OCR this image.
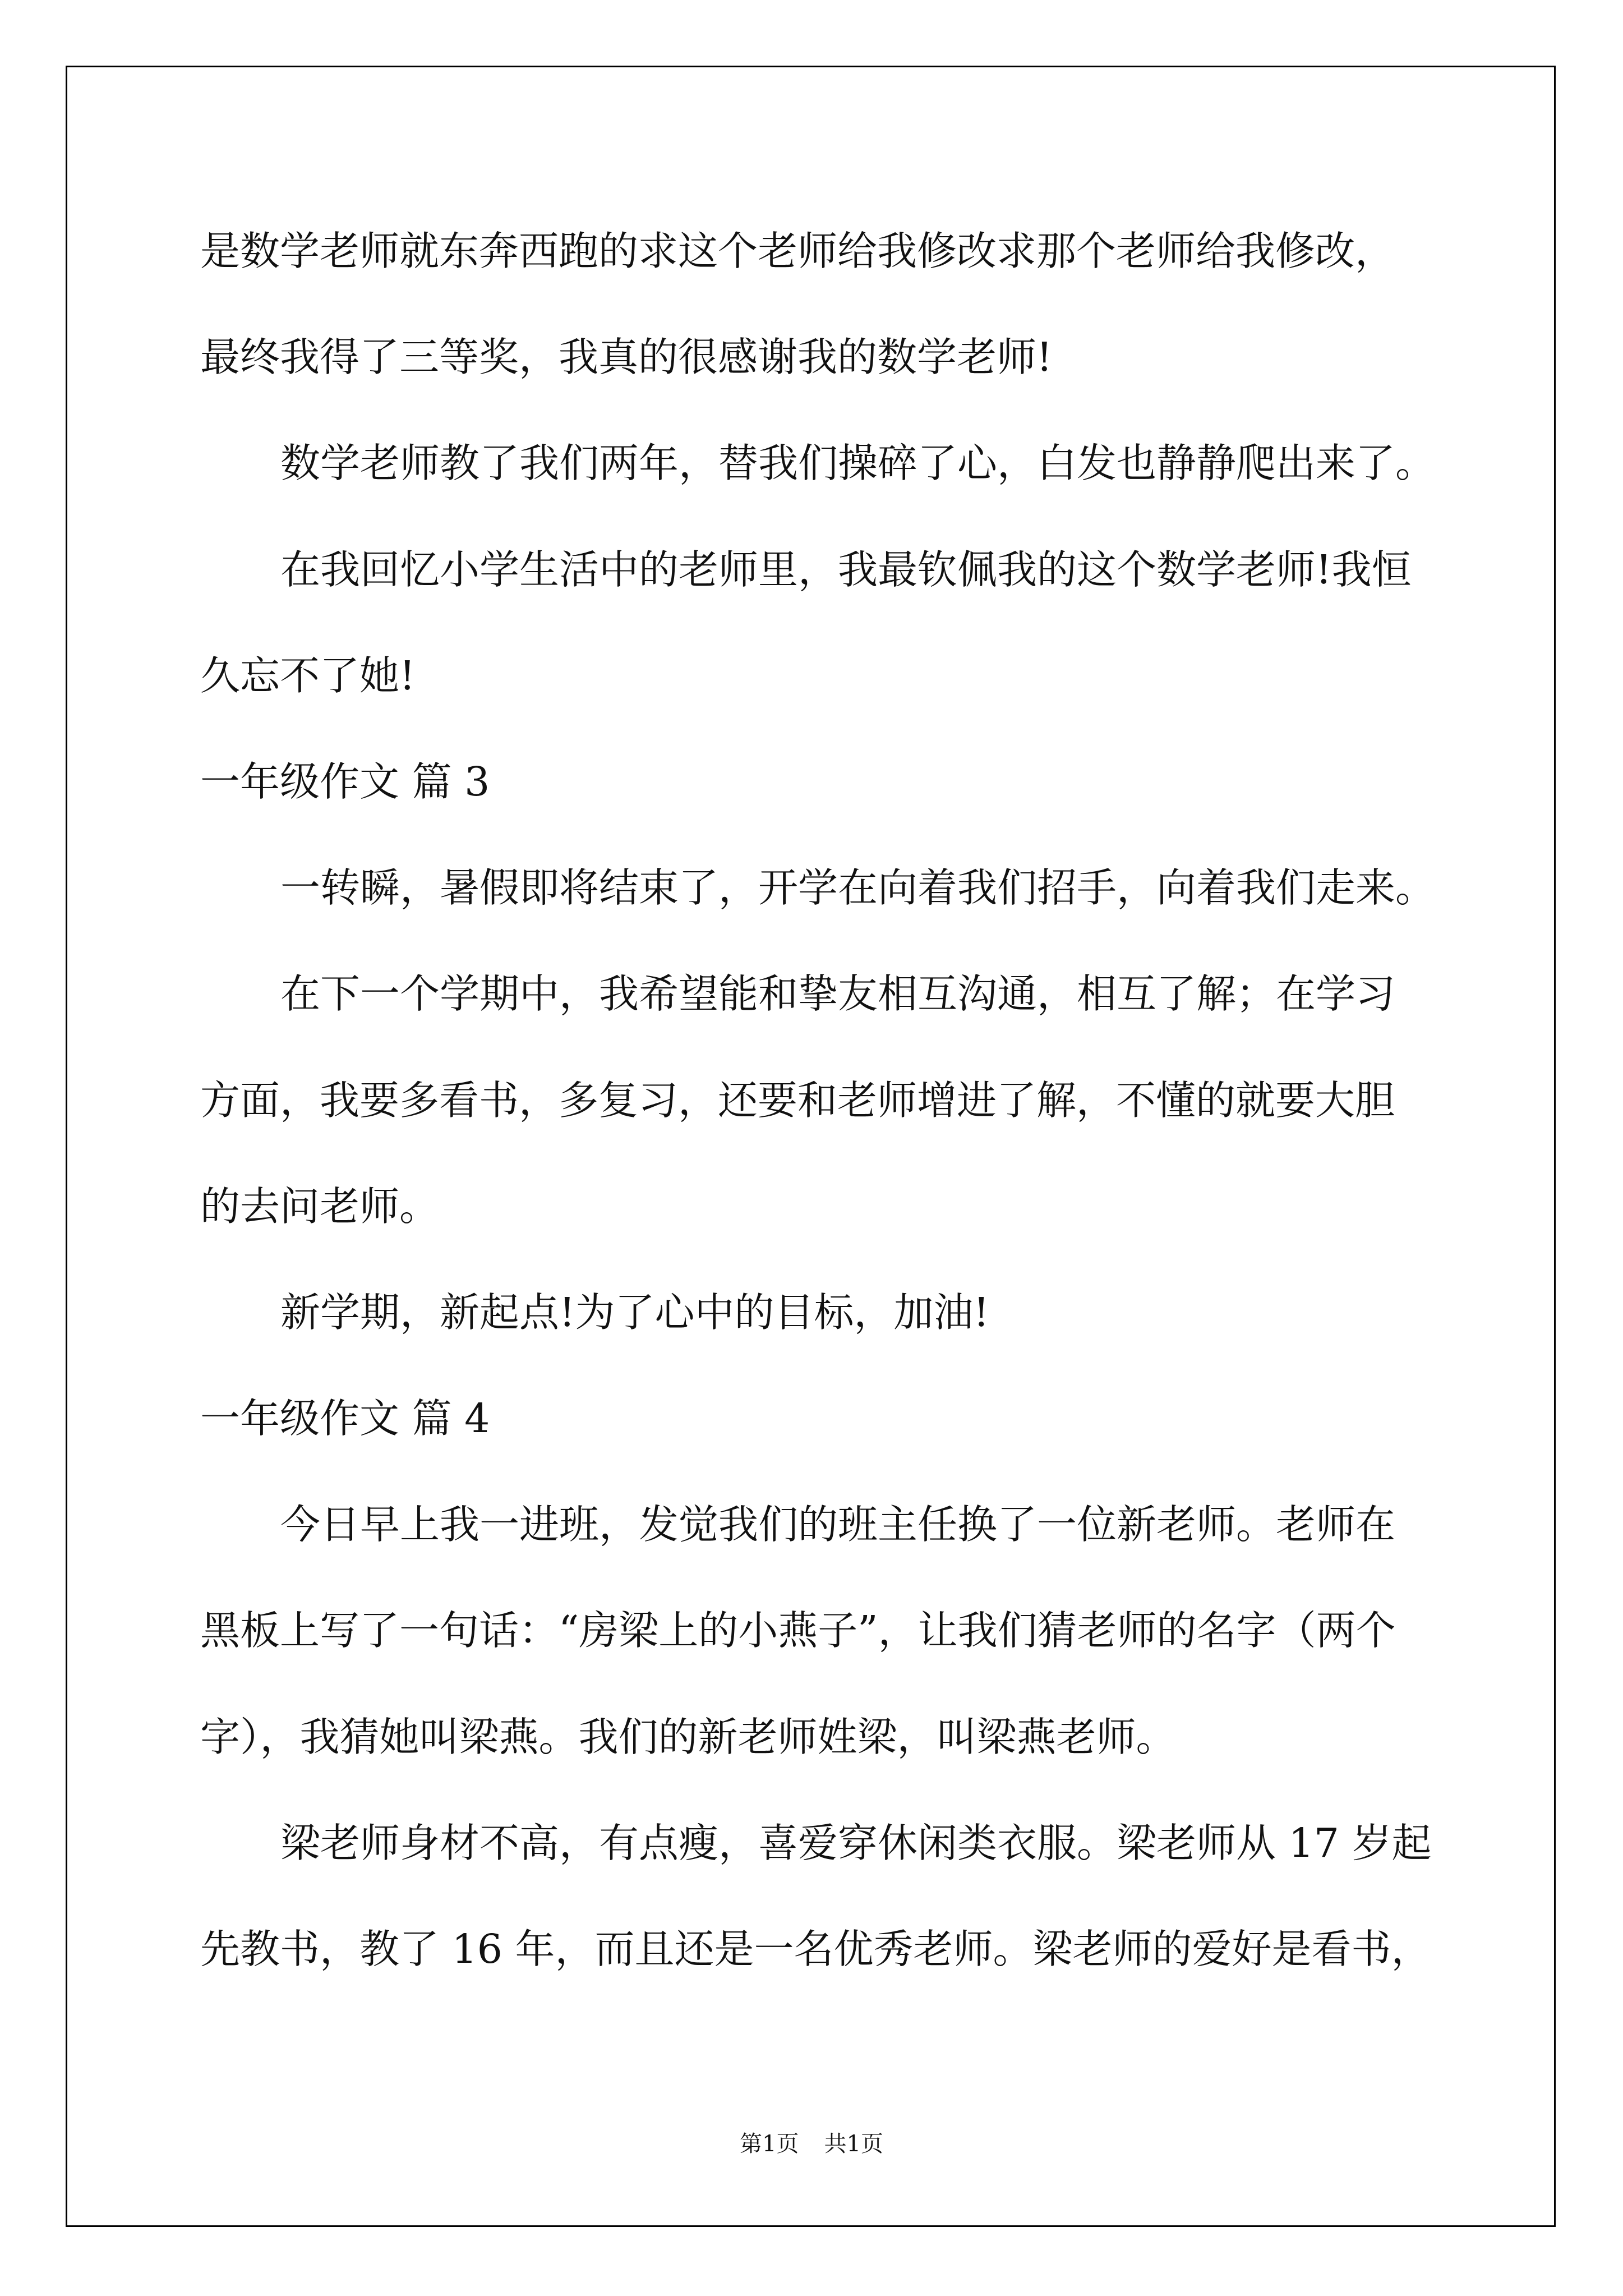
是数学老师就东奔西跑的求这个老师给我修改求那个老师给我修改，
最终我得了三等奖，我真的很感谢我的数学老师!
数学老师教了我们两年，替我们操碎了心，白发也静静爬出来了。
在我回忆小学生活中的老师里，我最钦佩我的这个数学老师!我恒
久忘不了她!
一年级作文 篇 3
一转瞬，暑假即将结束了，开学在向着我们招手，向着我们走来。
在下一个学期中，我希望能和挚友相互沟通，相互了解；在学习
方面，我要多看书，多复习，还要和老师增进了解，不懂的就要大胆
的去问老师。
新学期，新起点!为了心中的目标，加油!
一年级作文 篇 4
今日早上我一进班，发觉我们的班主任换了一位新老师。老师在
黑板上写了一句话：“房梁上的小燕子”，让我们猜老师的名字（两个
字），我猜她叫梁燕。我们的新老师姓梁，叫梁燕老师。
梁老师身材不高，有点瘦，喜爱穿休闲类衣服。梁老师从 17 岁起
先教书，教了 16 年，而且还是一名优秀老师。梁老师的爱好是看书，
第1页 共1页
